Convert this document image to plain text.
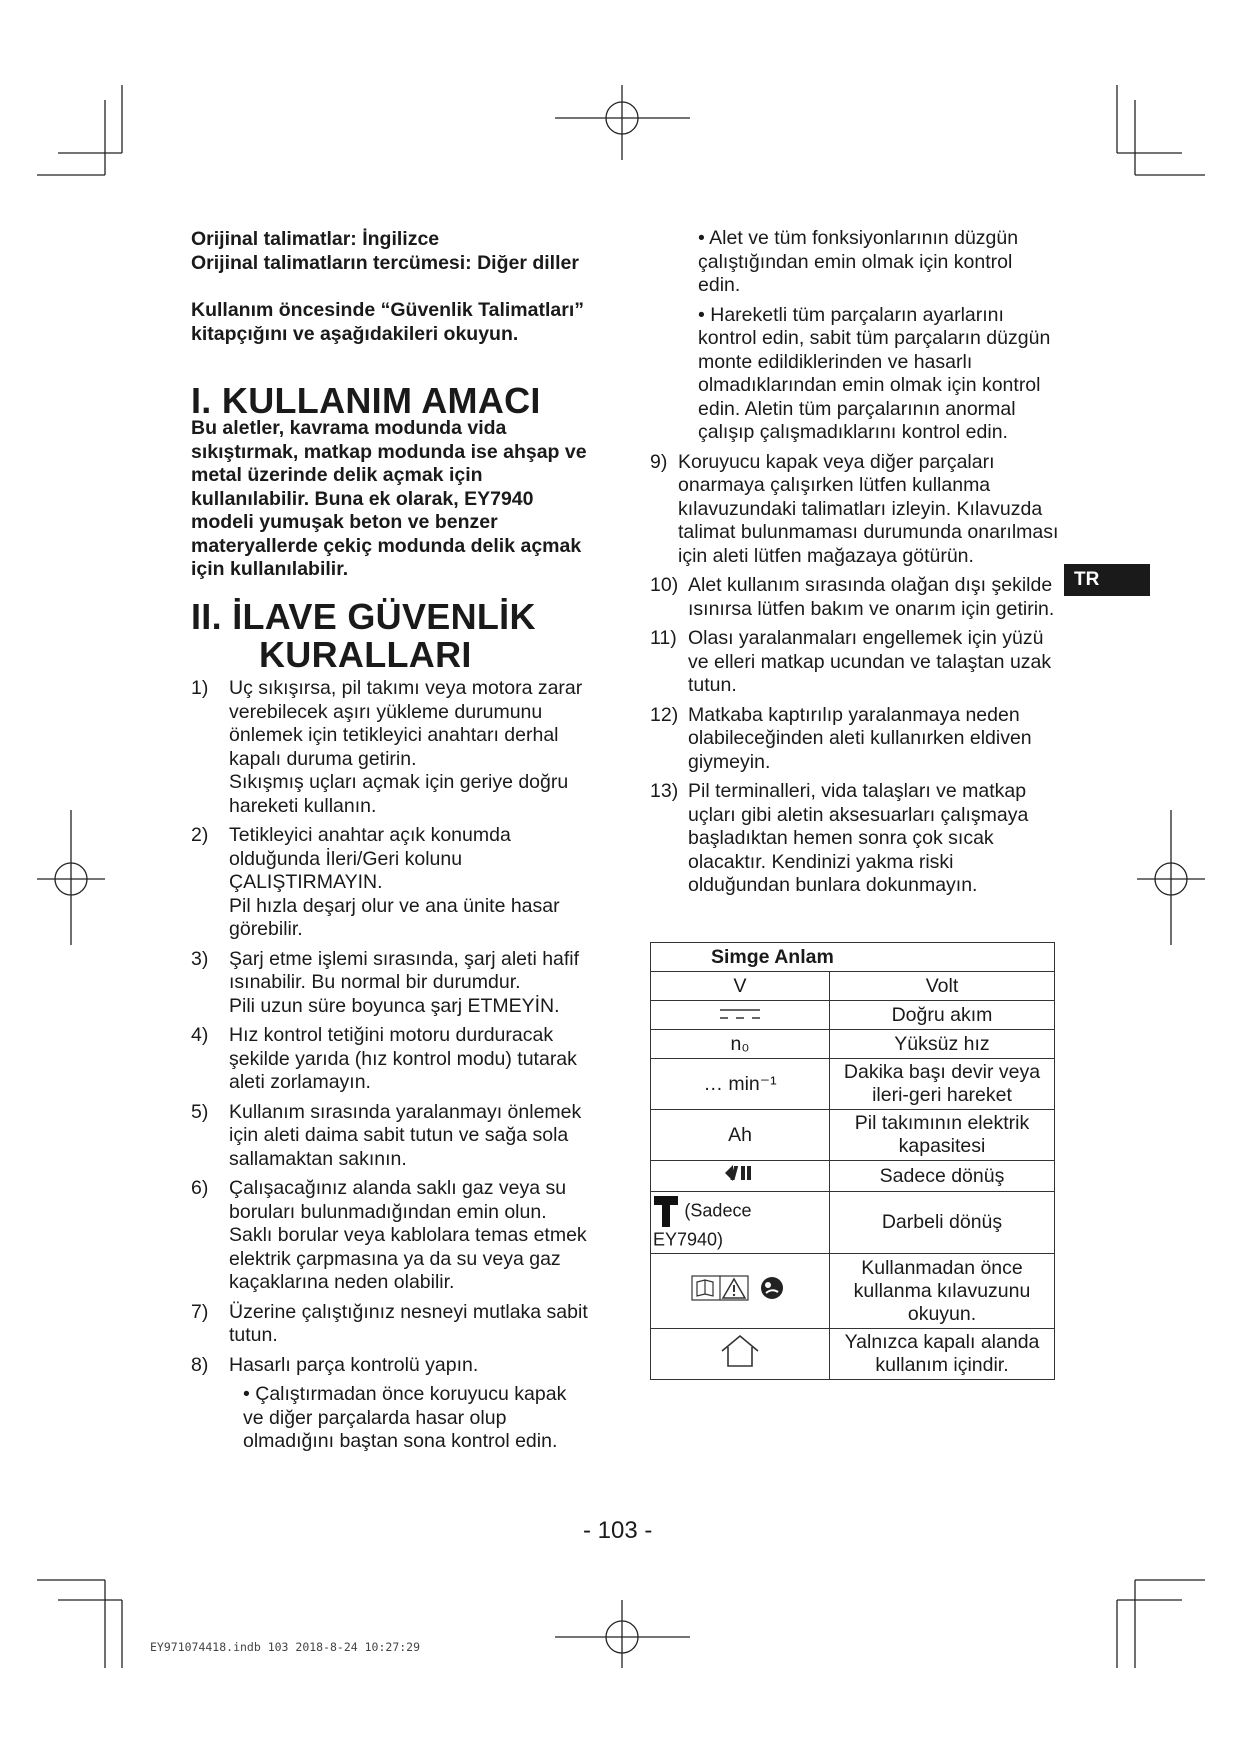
Orijinal talimatlar: İngilizce
Orijinal talimatların tercümesi: Diğer diller
Kullanım öncesinde “Güvenlik Talimatları”
kitapçığını ve aşağıdakileri okuyun.
I. KULLANIM AMACI
Bu aletler, kavrama modunda vida sıkıştırmak, matkap modunda ise ahşap ve metal üzerinde delik açmak için kullanılabilir. Buna ek olarak, EY7940 modeli yumuşak beton ve benzer materyallerde çekiç modunda delik açmak için kullanılabilir.
II. İLAVE GÜVENLİK
KURALLARI
1)	Uç sıkışırsa, pil takımı veya motora zarar verebilecek aşırı yükleme durumunu önlemek için tetikleyici anahtarı derhal kapalı duruma getirin.
Sıkışmış uçları açmak için geriye doğru hareketi kullanın.
2)	Tetikleyici anahtar açık konumda olduğunda İleri/Geri kolunu ÇALIŞTIRMAYIN.
Pil hızla deşarj olur ve ana ünite hasar görebilir.
3)	Şarj etme işlemi sırasında, şarj aleti hafif ısınabilir. Bu normal bir durumdur.
Pili uzun süre boyunca şarj ETMEYİN.
4)	Hız kontrol tetiğini motoru durduracak şekilde yarıda (hız kontrol modu) tutarak aleti zorlamayın.
5)	Kullanım sırasında yaralanmayı önlemek için aleti daima sabit tutun ve sağa sola sallamaktan sakının.
6)	Çalışacağınız alanda saklı gaz veya su boruları bulunmadığından emin olun. Saklı borular veya kablolara temas etmek elektrik çarpmasına ya da su veya gaz kaçaklarına neden olabilir.
7)	Üzerine çalıştığınız nesneyi mutlaka sabit tutun.
8)	Hasarlı parça kontrolü yapın.
• Çalıştırmadan önce koruyucu kapak ve diğer parçalarda hasar olup olmadığını baştan sona kontrol edin.
• Alet ve tüm fonksiyonlarının düzgün çalıştığından emin olmak için kontrol edin.
• Hareketli tüm parçaların ayarlarını kontrol edin, sabit tüm parçaların düzgün monte edildiklerinden ve hasarlı olmadıklarından emin olmak için kontrol edin. Aletin tüm parçalarının anormal çalışıp çalışmadıklarını kontrol edin.
9) Koruyucu kapak veya diğer parçaları onarmaya çalışırken lütfen kullanma kılavuzundaki talimatları izleyin. Kılavuzda talimat bulunmaması durumunda onarılması için aleti lütfen mağazaya götürün.
10) Alet kullanım sırasında olağan dışı şekilde ısınırsa lütfen bakım ve onarım için getirin.
11) Olası yaralanmaları engellemek için yüzü ve elleri matkap ucundan ve talaştan uzak tutun.
12) Matkaba kaptırılıp yaralanmaya neden olabileceğinden aleti kullanırken eldiven giymeyin.
13) Pil terminalleri, vida talaşları ve matkap uçları gibi aletin aksesuarları çalışmaya başladıktan hemen sonra çok sıcak olacaktır. Kendinizi yakma riski olduğundan bunlara dokunmayın.
Simge Anlam	
V	Volt
	Doğru akım
n₀	Yüksüz hız
… min⁻¹	Dakika başı devir veya ileri-geri hareket
Ah	Pil takımının elektrik kapasitesi
	Sadece dönüş
(Sadece EY7940)	Darbeli dönüş
	Kullanmadan önce kullanma kılavuzunu okuyun.
	Yalnızca kapalı alanda kullanım içindir.
TR
- 103 -
EY971074418.indb 103 2018-8-24 10:27:29
